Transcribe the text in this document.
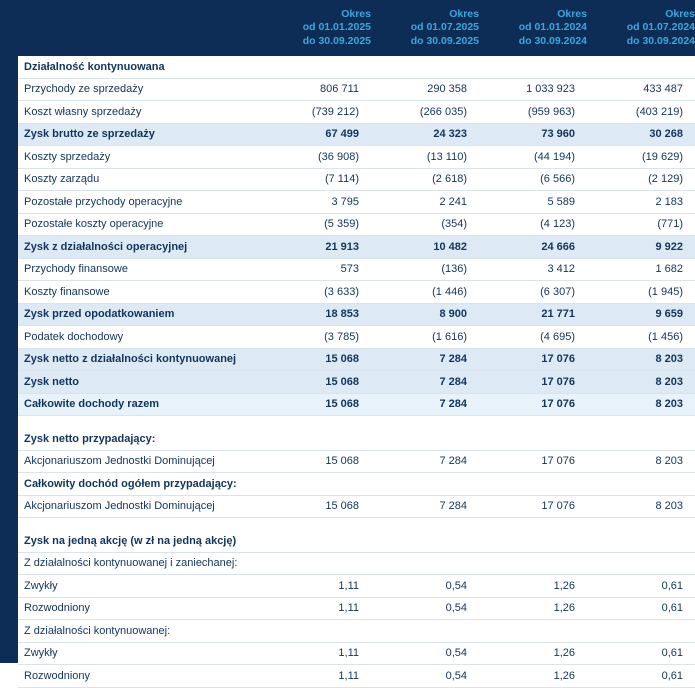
	Okres
od 01.01.2025
do 30.09.2025	Okres
od 01.07.2025
do 30.09.2025	Okres
od 01.01.2024
do 30.09.2024	Okres
od 01.07.2024
do 30.09.2024

Działalność kontynuowana				
Przychody ze sprzedaży	806 711	290 358	1 033 923	433 487
Koszt własny sprzedaży	(739 212)	(266 035)	(959 963)	(403 219)
Zysk brutto ze sprzedaży	67 499	24 323	73 960	30 268
Koszty sprzedaży	(36 908)	(13 110)	(44 194)	(19 629)
Koszty zarządu	(7 114)	(2 618)	(6 566)	(2 129)
Pozostałe przychody operacyjne	3 795	2 241	5 589	2 183
Pozostałe koszty operacyjne	(5 359)	(354)	(4 123)	(771)
Zysk z działalności operacyjnej	21 913	10 482	24 666	9 922
Przychody finansowe	573	(136)	3 412	1 682
Koszty finansowe	(3 633)	(1 446)	(6 307)	(1 945)
Zysk przed opodatkowaniem	18 853	8 900	21 771	9 659
Podatek dochodowy	(3 785)	(1 616)	(4 695)	(1 456)
Zysk netto z działalności kontynuowanej	15 068	7 284	17 076	8 203
Zysk netto	15 068	7 284	17 076	8 203
Całkowite dochody razem	15 068	7 284	17 076	8 203

Zysk netto przypadający:				
Akcjonariuszom Jednostki Dominującej	15 068	7 284	17 076	8 203
Całkowity dochód ogółem przypadający:				
Akcjonariuszom Jednostki Dominującej	15 068	7 284	17 076	8 203

Zysk na jedną akcję (w zł na jedną akcję)				
Z działalności kontynuowanej i zaniechanej:				
Zwykły	1,11	0,54	1,26	0,61
Rozwodniony	1,11	0,54	1,26	0,61
Z działalności kontynuowanej:				
Zwykły	1,11	0,54	1,26	0,61
Rozwodniony	1,11	0,54	1,26	0,61
